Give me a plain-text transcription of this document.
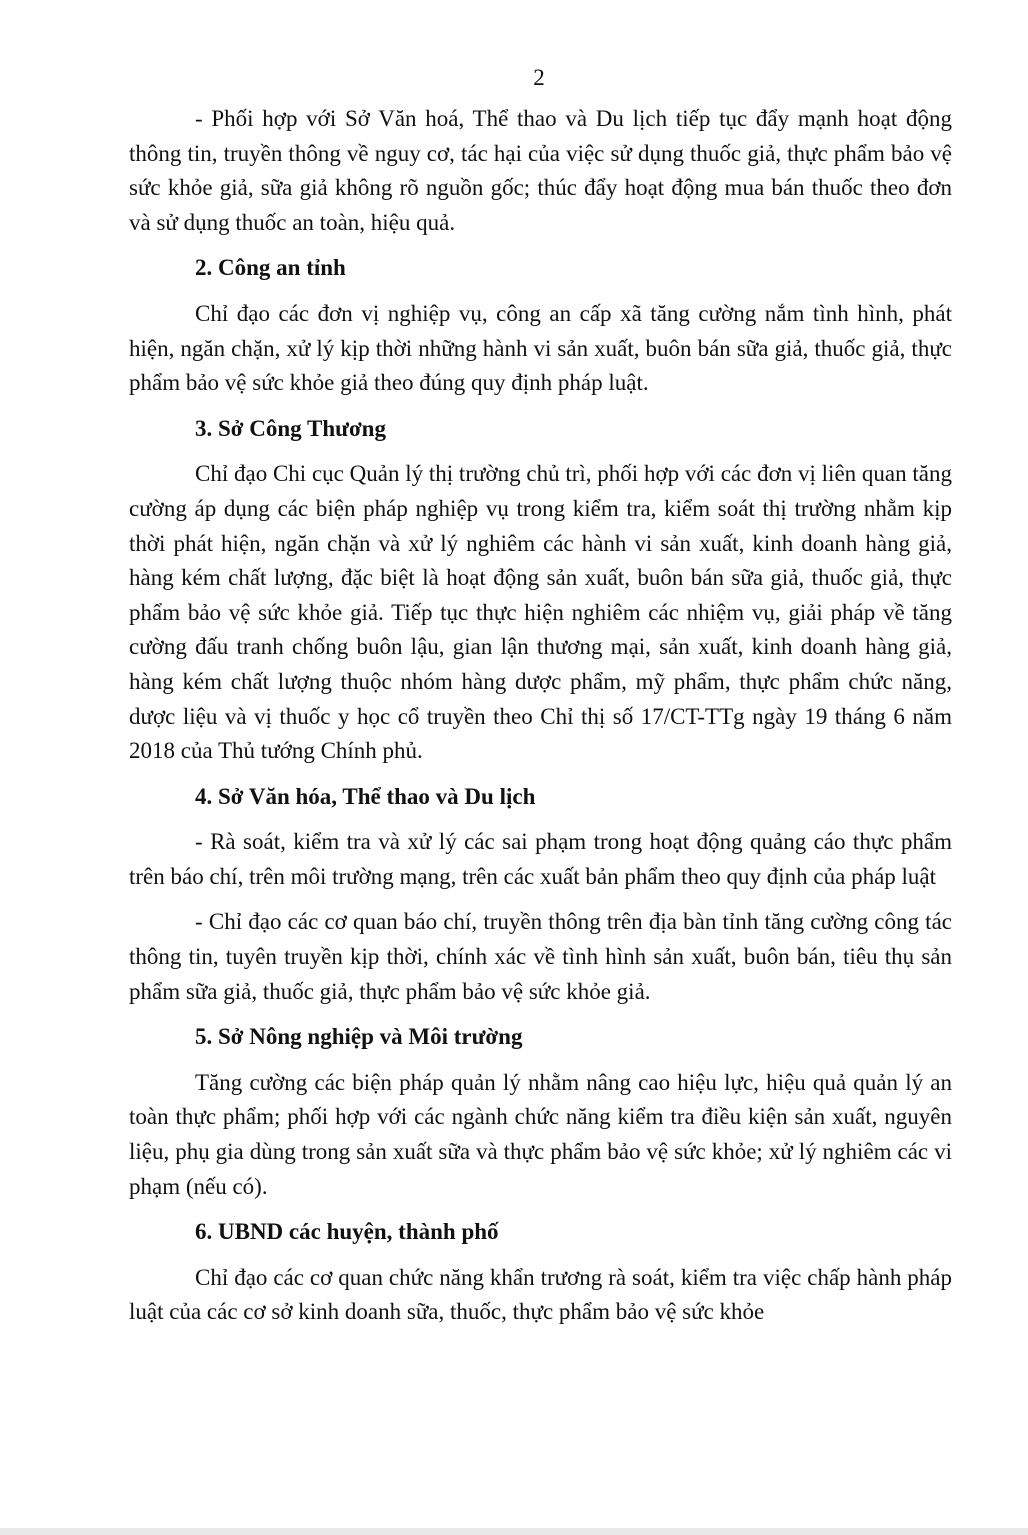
2

- Phối hợp với Sở Văn hoá, Thể thao và Du lịch tiếp tục đẩy mạnh hoạt động thông tin, truyền thông về nguy cơ, tác hại của việc sử dụng thuốc giả, thực phẩm bảo vệ sức khỏe giả, sữa giả không rõ nguồn gốc; thúc đẩy hoạt động mua bán thuốc theo đơn và sử dụng thuốc an toàn, hiệu quả.

2. Công an tỉnh

Chỉ đạo các đơn vị nghiệp vụ, công an cấp xã tăng cường nắm tình hình, phát hiện, ngăn chặn, xử lý kịp thời những hành vi sản xuất, buôn bán sữa giả, thuốc giả, thực phẩm bảo vệ sức khỏe giả theo đúng quy định pháp luật.

3. Sở Công Thương

Chỉ đạo Chi cục Quản lý thị trường chủ trì, phối hợp với các đơn vị liên quan tăng cường áp dụng các biện pháp nghiệp vụ trong kiểm tra, kiểm soát thị trường nhằm kịp thời phát hiện, ngăn chặn và xử lý nghiêm các hành vi sản xuất, kinh doanh hàng giả, hàng kém chất lượng, đặc biệt là hoạt động sản xuất, buôn bán sữa giả, thuốc giả, thực phẩm bảo vệ sức khỏe giả. Tiếp tục thực hiện nghiêm các nhiệm vụ, giải pháp về tăng cường đấu tranh chống buôn lậu, gian lận thương mại, sản xuất, kinh doanh hàng giả, hàng kém chất lượng thuộc nhóm hàng dược phẩm, mỹ phẩm, thực phẩm chức năng, dược liệu và vị thuốc y học cổ truyền theo Chỉ thị số 17/CT-TTg ngày 19 tháng 6 năm 2018 của Thủ tướng Chính phủ.

4. Sở Văn hóa, Thể thao và Du lịch

- Rà soát, kiểm tra và xử lý các sai phạm trong hoạt động quảng cáo thực phẩm trên báo chí, trên môi trường mạng, trên các xuất bản phẩm theo quy định của pháp luật

- Chỉ đạo các cơ quan báo chí, truyền thông trên địa bàn tỉnh tăng cường công tác thông tin, tuyên truyền kịp thời, chính xác về tình hình sản xuất, buôn bán, tiêu thụ sản phẩm sữa giả, thuốc giả, thực phẩm bảo vệ sức khỏe giả.

5. Sở Nông nghiệp và Môi trường

Tăng cường các biện pháp quản lý nhằm nâng cao hiệu lực, hiệu quả quản lý an toàn thực phẩm; phối hợp với các ngành chức năng kiểm tra điều kiện sản xuất, nguyên liệu, phụ gia dùng trong sản xuất sữa và thực phẩm bảo vệ sức khỏe; xử lý nghiêm các vi phạm (nếu có).

6. UBND các huyện, thành phố

Chỉ đạo các cơ quan chức năng khẩn trương rà soát, kiểm tra việc chấp hành pháp luật của các cơ sở kinh doanh sữa, thuốc, thực phẩm bảo vệ sức khỏe
